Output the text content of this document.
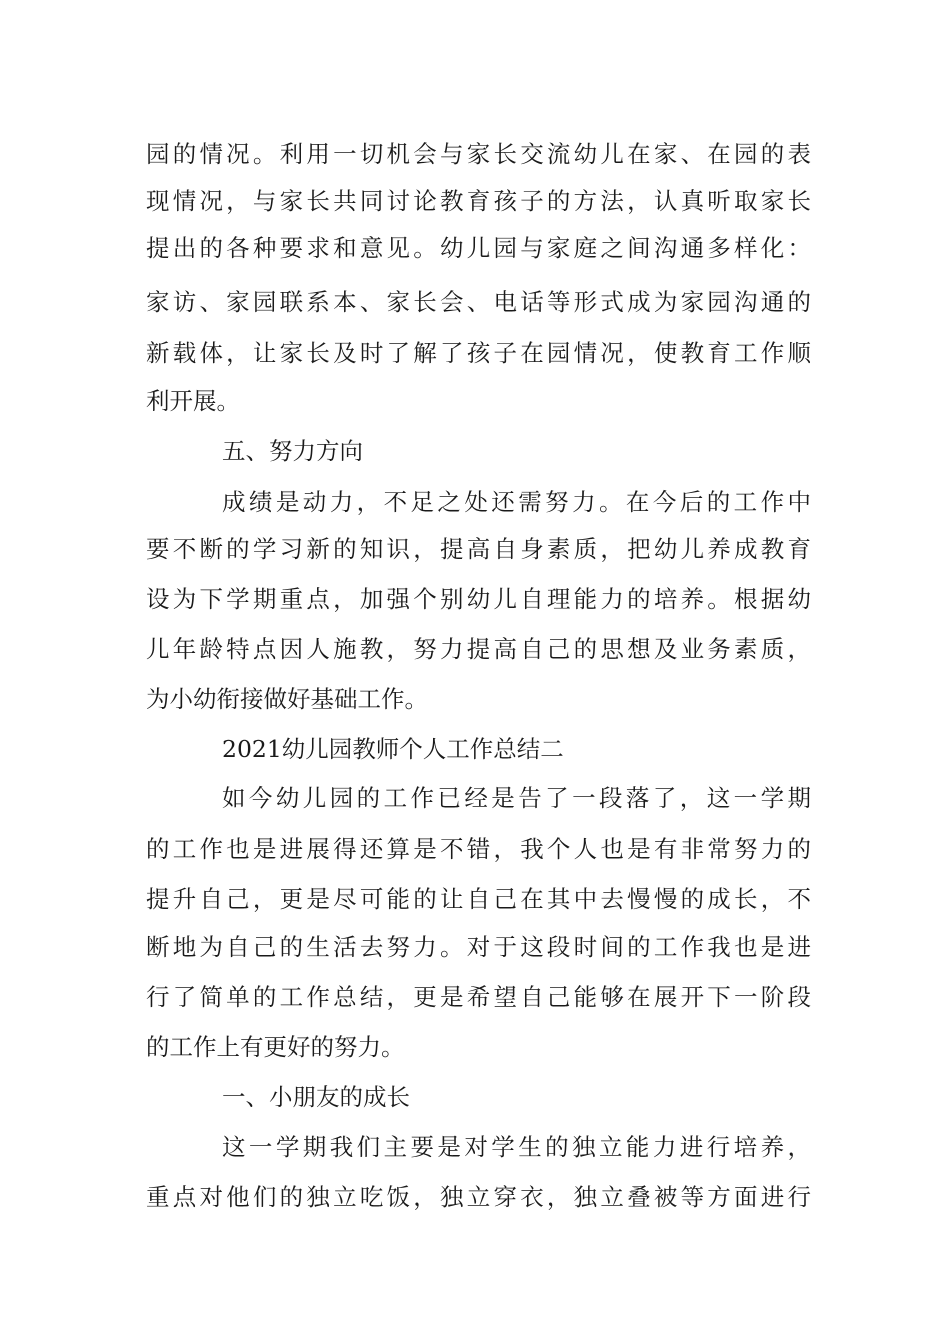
园的情况。利用一切机会与家长交流幼儿在家、在园的表
现情况，与家长共同讨论教育孩子的方法，认真听取家长
提出的各种要求和意见。幼儿园与家庭之间沟通多样化：
家访、家园联系本、家长会、电话等形式成为家园沟通的
新载体，让家长及时了解了孩子在园情况，使教育工作顺
利开展。
五、努力方向
成绩是动力，不足之处还需努力。在今后的工作中
要不断的学习新的知识，提高自身素质，把幼儿养成教育
设为下学期重点，加强个别幼儿自理能力的培养。根据幼
儿年龄特点因人施教，努力提高自己的思想及业务素质，
为小幼衔接做好基础工作。
2021幼儿园教师个人工作总结二
如今幼儿园的工作已经是告了一段落了，这一学期
的工作也是进展得还算是不错，我个人也是有非常努力的
提升自己，更是尽可能的让自己在其中去慢慢的成长，不
断地为自己的生活去努力。对于这段时间的工作我也是进
行了简单的工作总结，更是希望自己能够在展开下一阶段
的工作上有更好的努力。
一、小朋友的成长
这一学期我们主要是对学生的独立能力进行培养，
重点对他们的独立吃饭，独立穿衣，独立叠被等方面进行
